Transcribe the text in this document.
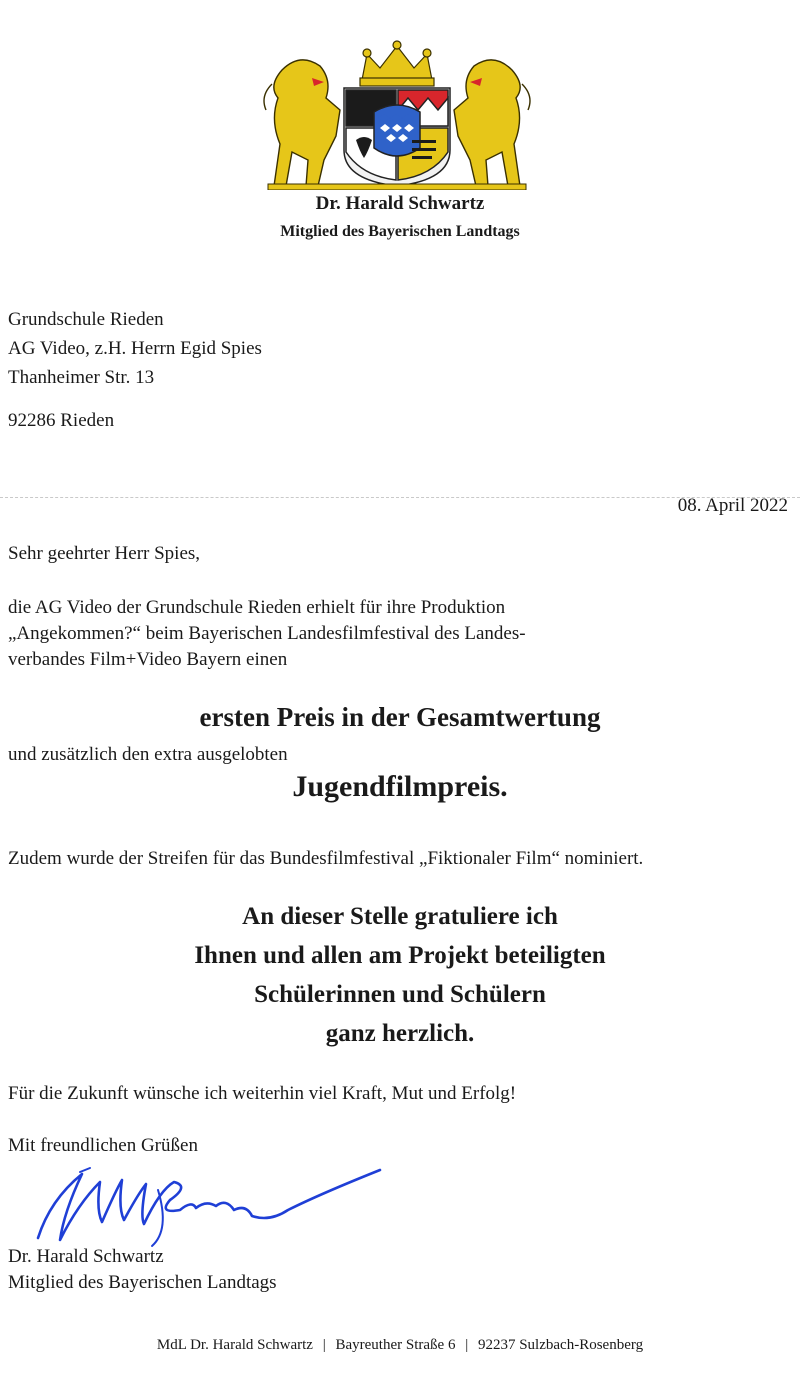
Dr. Harald Schwartz
Mitglied des Bayerischen Landtags
Grundschule Rieden
AG Video, z.H. Herrn Egid Spies
Thanheimer Str. 13
92286 Rieden
08. April 2022
Sehr geehrter Herr Spies,
die AG Video der Grundschule Rieden erhielt für ihre Produktion
„Angekommen?“ beim Bayerischen Landesfilmfestival des Landes-
verbandes Film+Video Bayern einen
ersten Preis in der Gesamtwertung
und zusätzlich den extra ausgelobten
Jugendfilmpreis.
Zudem wurde der Streifen für das Bundesfilmfestival „Fiktionaler Film“ nominiert.
An dieser Stelle gratuliere ich
Ihnen und allen am Projekt beteiligten
Schülerinnen und Schülern
ganz herzlich.
Für die Zukunft wünsche ich weiterhin viel Kraft, Mut und Erfolg!
Mit freundlichen Grüßen
Dr. Harald Schwartz
Mitglied des Bayerischen Landtags
MdL Dr. Harald Schwartz | Bayreuther Straße 6 | 92237 Sulzbach-Rosenberg
